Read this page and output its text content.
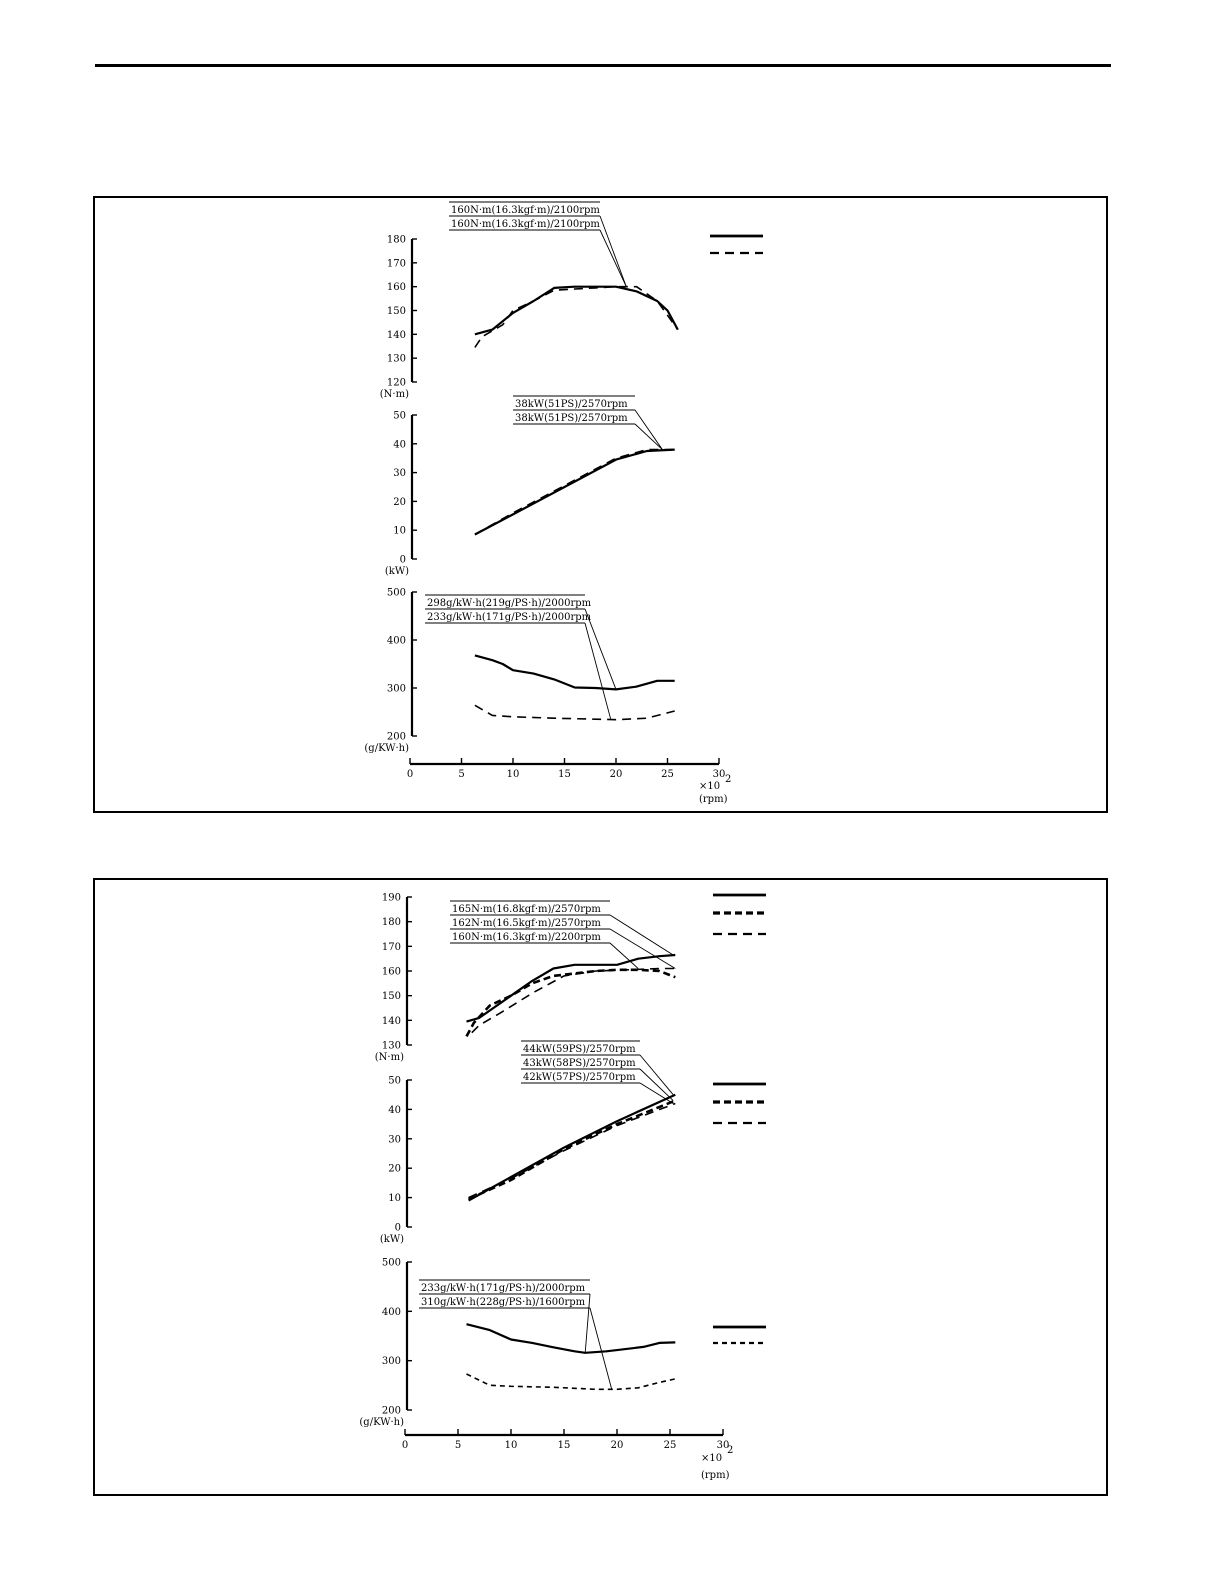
120
130
140
150
160
170
180
(N·m)
160N·m(16.3kgf·m)/2100rpm
160N·m(16.3kgf·m)/2100rpm
0
10
20
30
40
50
(kW)
38kW(51PS)/2570rpm
38kW(51PS)/2570rpm
200
300
400
500
(g/KW·h)
298g/kW·h(219g/PS·h)/2000rpm
233g/kW·h(171g/PS·h)/2000rpm
0	5	10	15	20	25	30
×10
2
(rpm)
130
140
150
160
170
180
190
(N·m)
165N·m(16.8kgf·m)/2570rpm
162N·m(16.5kgf·m)/2570rpm
160N·m(16.3kgf·m)/2200rpm
0
10
20
30
40
50
(kW)
44kW(59PS)/2570rpm
43kW(58PS)/2570rpm
42kW(57PS)/2570rpm
200
300
400
500
(g/KW·h)
233g/kW·h(171g/PS·h)/2000rpm
310g/kW·h(228g/PS·h)/1600rpm
0	5	10	15	20	25	30
×10
2
(rpm)
